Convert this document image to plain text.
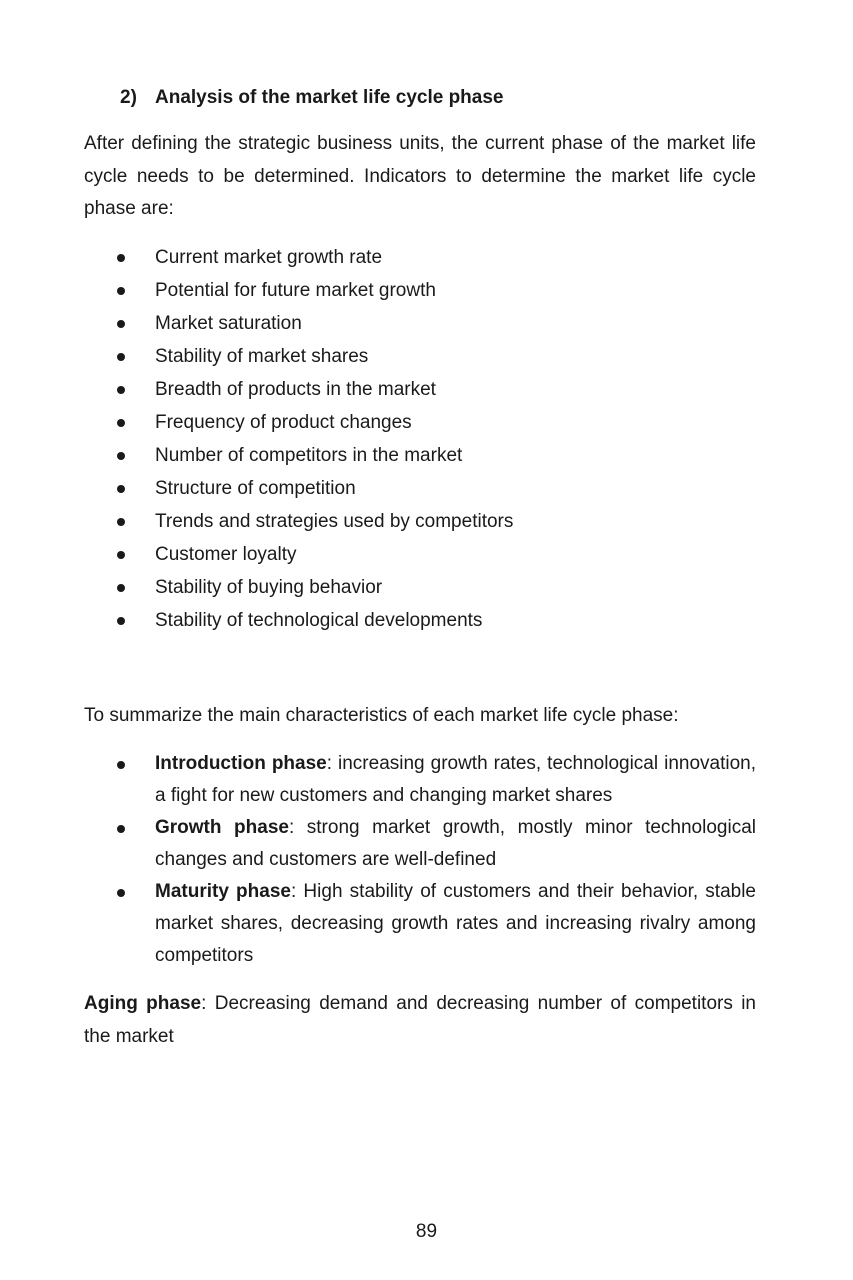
2) Analysis of the market life cycle phase

After defining the strategic business units, the current phase of the market life cycle needs to be determined. Indicators to determine the market life cycle phase are:

Current market growth rate
Potential for future market growth
Market saturation
Stability of market shares
Breadth of products in the market
Frequency of product changes
Number of competitors in the market
Structure of competition
Trends and strategies used by competitors
Customer loyalty
Stability of buying behavior
Stability of technological developments

To summarize the main characteristics of each market life cycle phase:

Introduction phase: increasing growth rates, technological innovation, a fight for new customers and changing market shares
Growth phase: strong market growth, mostly minor technological changes and customers are well-defined
Maturity phase: High stability of customers and their behavior, stable market shares, decreasing growth rates and increasing rivalry among competitors

Aging phase: Decreasing demand and decreasing number of competitors in the market

89
